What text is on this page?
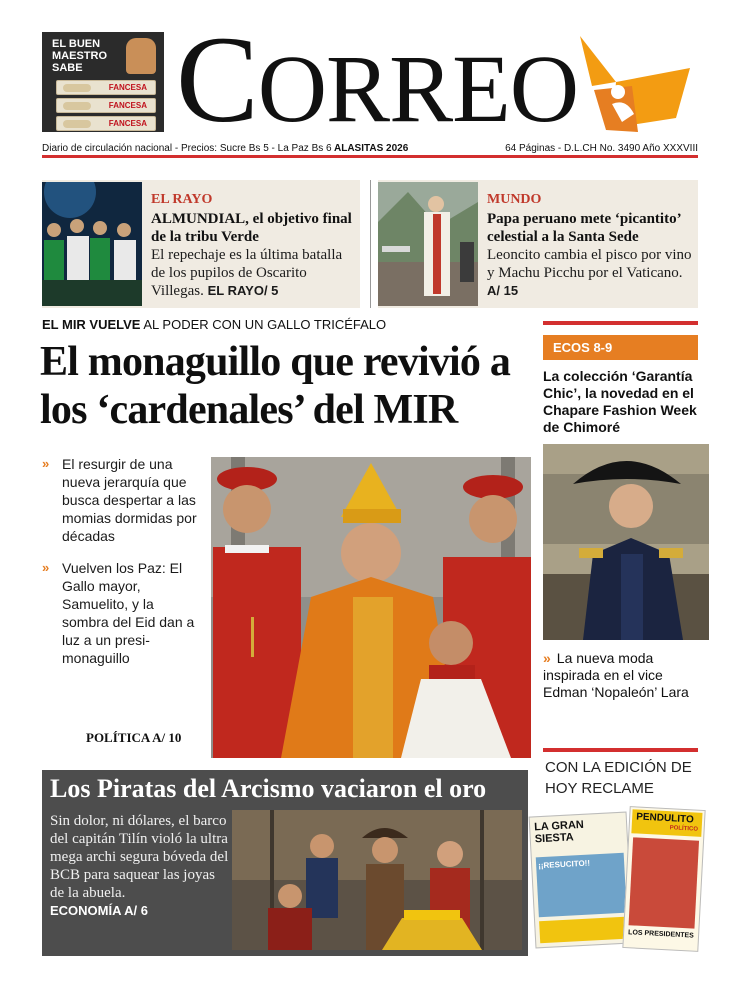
EL BUEN MAESTRO SABE
FANCESA
FANCESA
FANCESA CORREO
Diario de circulación nacional - Precios: Sucre Bs 5 - La Paz Bs 6 ALASITAS 2026	64 Páginas - D.L.CH No. 3490 Año XXXVIII
EL RAYO
ALMUNDIAL, el objetivo final de la tribu Verde
El repechaje es la última batalla de los pupilos de Oscarito Villegas. EL RAYO/ 5
MUNDO
Papa peruano mete ‘picantito’ celestial a la Santa Sede
Leoncito cambia el pisco por vino y Machu Picchu por el Vaticano. A/ 15
EL MIR VUELVE AL PODER CON UN GALLO TRICÉFALO
El monaguillo que revivió a los ‘cardenales’ del MIR
» El resurgir de una nueva jerarquía que busca despertar a las momias dormidas por décadas
» Vuelven los Paz: El Gallo mayor, Samuelito, y la sombra del Eid dan a luz a un presi-monaguillo
POLÍTICA A/ 10
ECOS 8-9
La colección ‘Garantía Chic’, la novedad en el Chapare Fashion Week de Chimoré
» La nueva moda inspirada en el vice Edman ‘Nopaleón’ Lara
CON LA EDICIÓN DE HOY RECLAME
LA GRAN SIESTA
¡¡RESUCITO!!
PENDULITO
POLÍTICO
LOS PRESIDENTES
Los Piratas del Arcismo vaciaron el oro
Sin dolor, ni dólares, el barco del capitán Tilín violó la ultra mega archi segura bóveda del BCB para saquear las joyas de la abuela.
ECONOMÍA A/ 6
